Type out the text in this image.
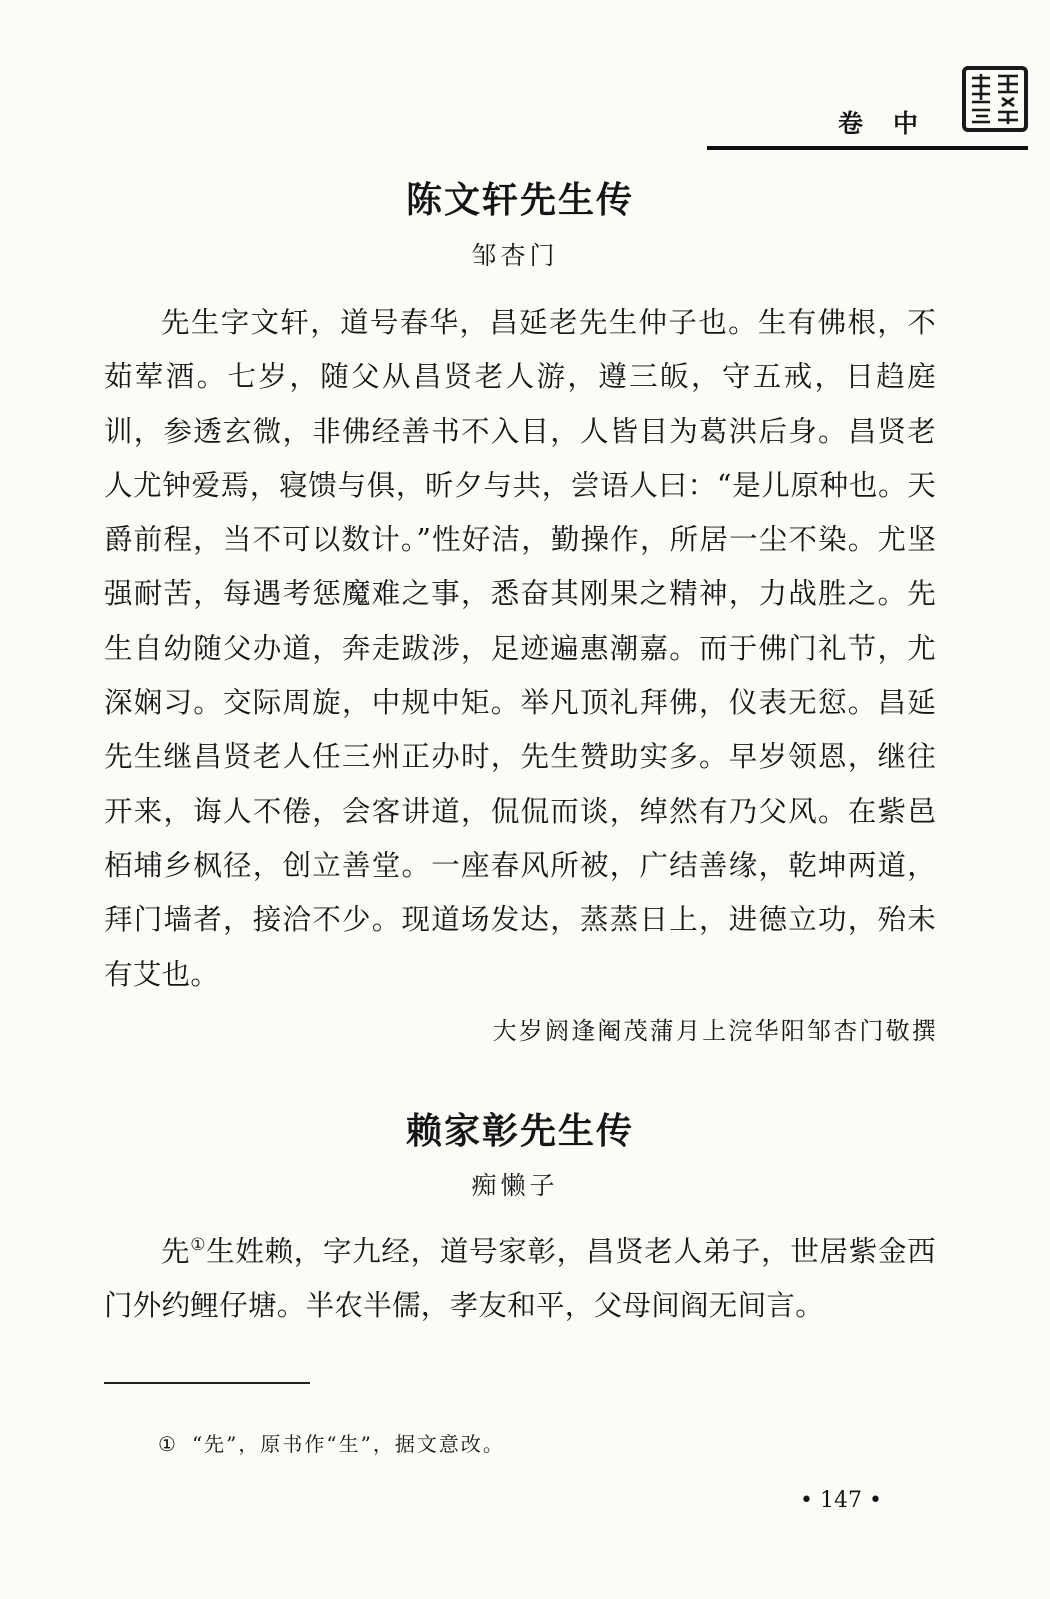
卷中
陈文轩先生传
邹杏门
先生字文轩，道号春华，昌延老先生仲子也。生有佛根，不茹荤酒。七岁，随父从昌贤老人游，遵三皈，守五戒，日趋庭训，参透玄微，非佛经善书不入目，人皆目为葛洪后身。昌贤老人尤钟爱焉，寝馈与俱，昕夕与共，尝语人曰：“是儿原种也。天爵前程，当不可以数计。”性好洁，勤操作，所居一尘不染。尤坚强耐苦，每遇考惩魔难之事，悉奋其刚果之精神，力战胜之。先生自幼随父办道，奔走跋涉，足迹遍惠潮嘉。而于佛门礼节，尤深娴习。交际周旋，中规中矩。举凡顶礼拜佛，仪表无愆。昌延先生继昌贤老人任三州正办时，先生赞助实多。早岁领恩，继往开来，诲人不倦，会客讲道，侃侃而谈，绰然有乃父风。在紫邑栢埔乡枫径，创立善堂。一座春风所被，广结善缘，乾坤两道，拜门墙者，接洽不少。现道场发达，蒸蒸日上，进德立功，殆未有艾也。
大岁阏逢阉茂蒲月上浣华阳邹杏门敬撰
赖家彰先生传
痴懒子
先①生姓赖，字九经，道号家彰，昌贤老人弟子，世居紫金西门外约鲤仔塘。半农半儒，孝友和平，父母间阎无间言。
① “先”，原书作“生”，据文意改。
• 147 •
